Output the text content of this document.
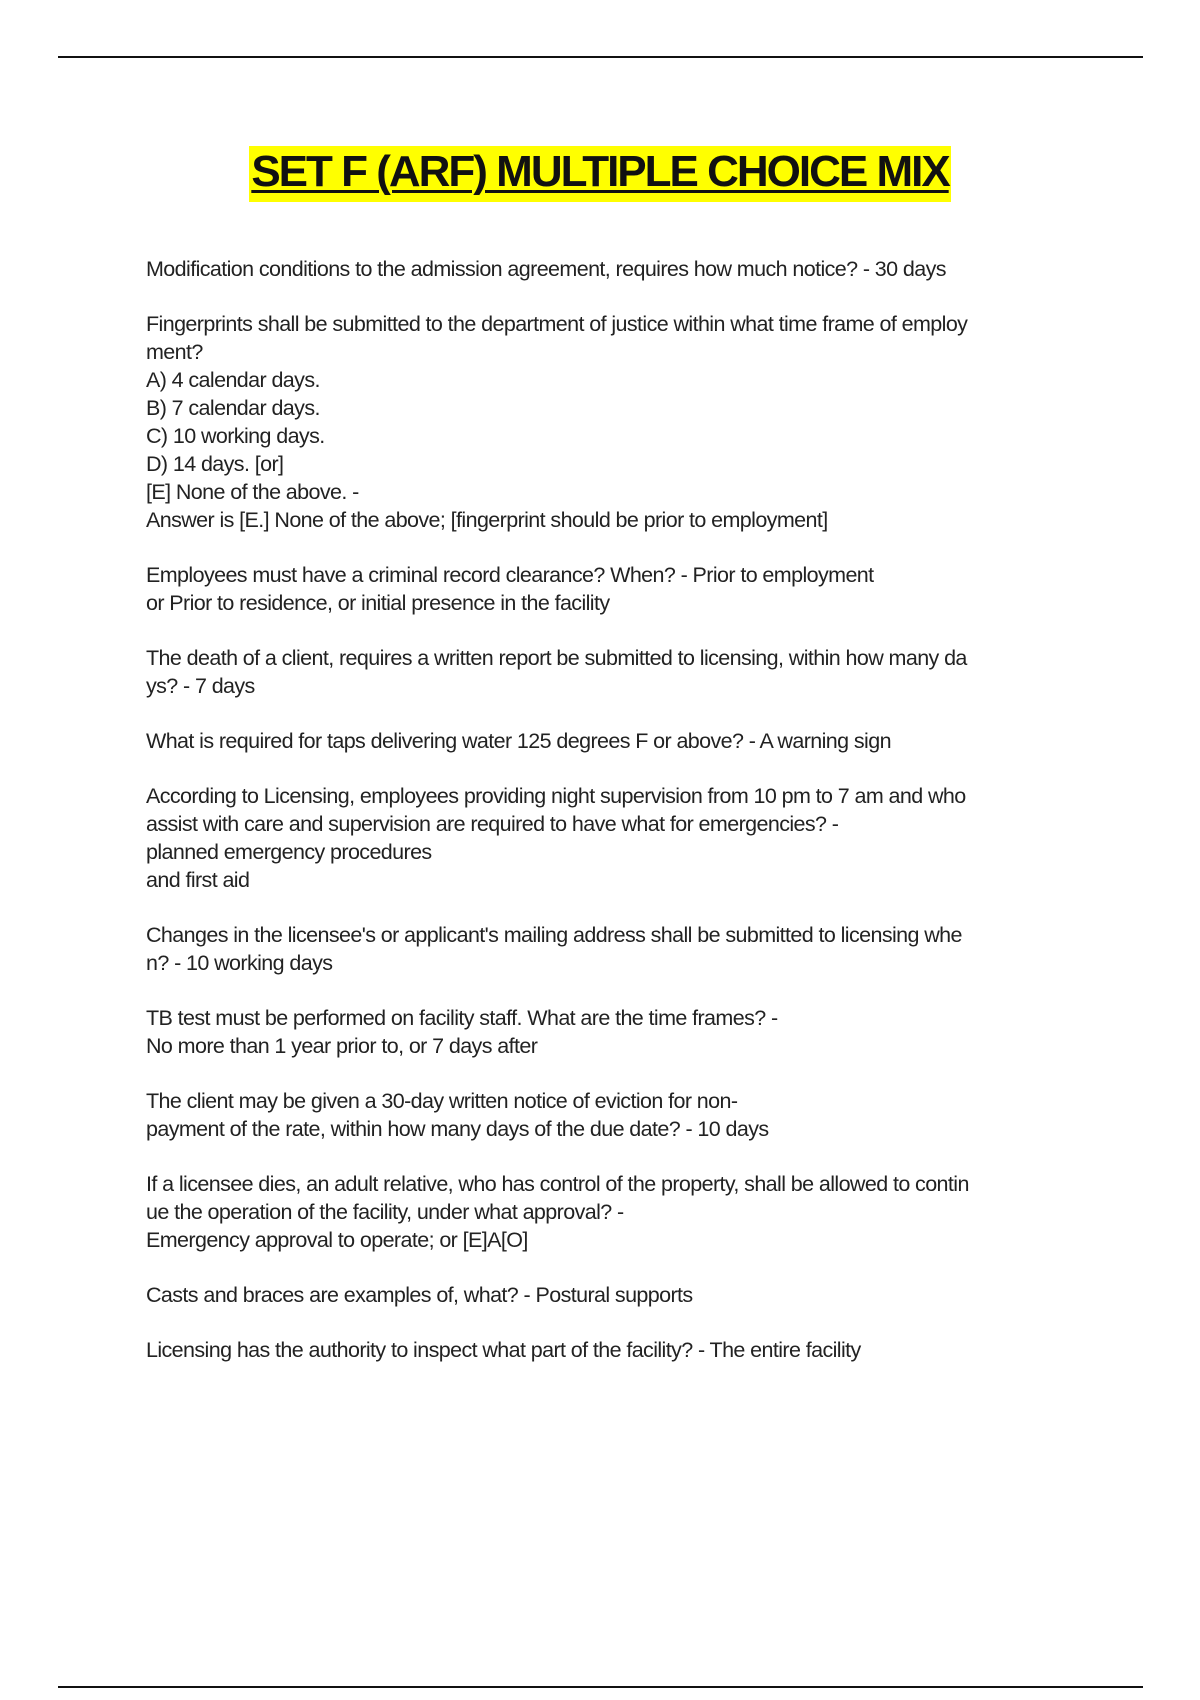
SET F (ARF) MULTIPLE CHOICE MIX
Modification conditions to the admission agreement, requires how much notice? - 30 days
Fingerprints shall be submitted to the department of justice within what time frame of employ
ment?
A) 4 calendar days.
B) 7 calendar days.
C) 10 working days.
D) 14 days. [or]
[E] None of the above. -
Answer is [E.] None of the above; [fingerprint should be prior to employment]
Employees must have a criminal record clearance? When? - Prior to employment
or Prior to residence, or initial presence in the facility
The death of a client, requires a written report be submitted to licensing, within how many da
ys? - 7 days
What is required for taps delivering water 125 degrees F or above? - A warning sign
According to Licensing, employees providing night supervision from 10 pm to 7 am and who
assist with care and supervision are required to have what for emergencies? -
planned emergency procedures
and first aid
Changes in the licensee's or applicant's mailing address shall be submitted to licensing whe
n? - 10 working days
TB test must be performed on facility staff. What are the time frames? -
No more than 1 year prior to, or 7 days after
The client may be given a 30-day written notice of eviction for non-
payment of the rate, within how many days of the due date? - 10 days
If a licensee dies, an adult relative, who has control of the property, shall be allowed to contin
ue the operation of the facility, under what approval? -
Emergency approval to operate; or [E]A[O]
Casts and braces are examples of, what? - Postural supports
Licensing has the authority to inspect what part of the facility? - The entire facility
